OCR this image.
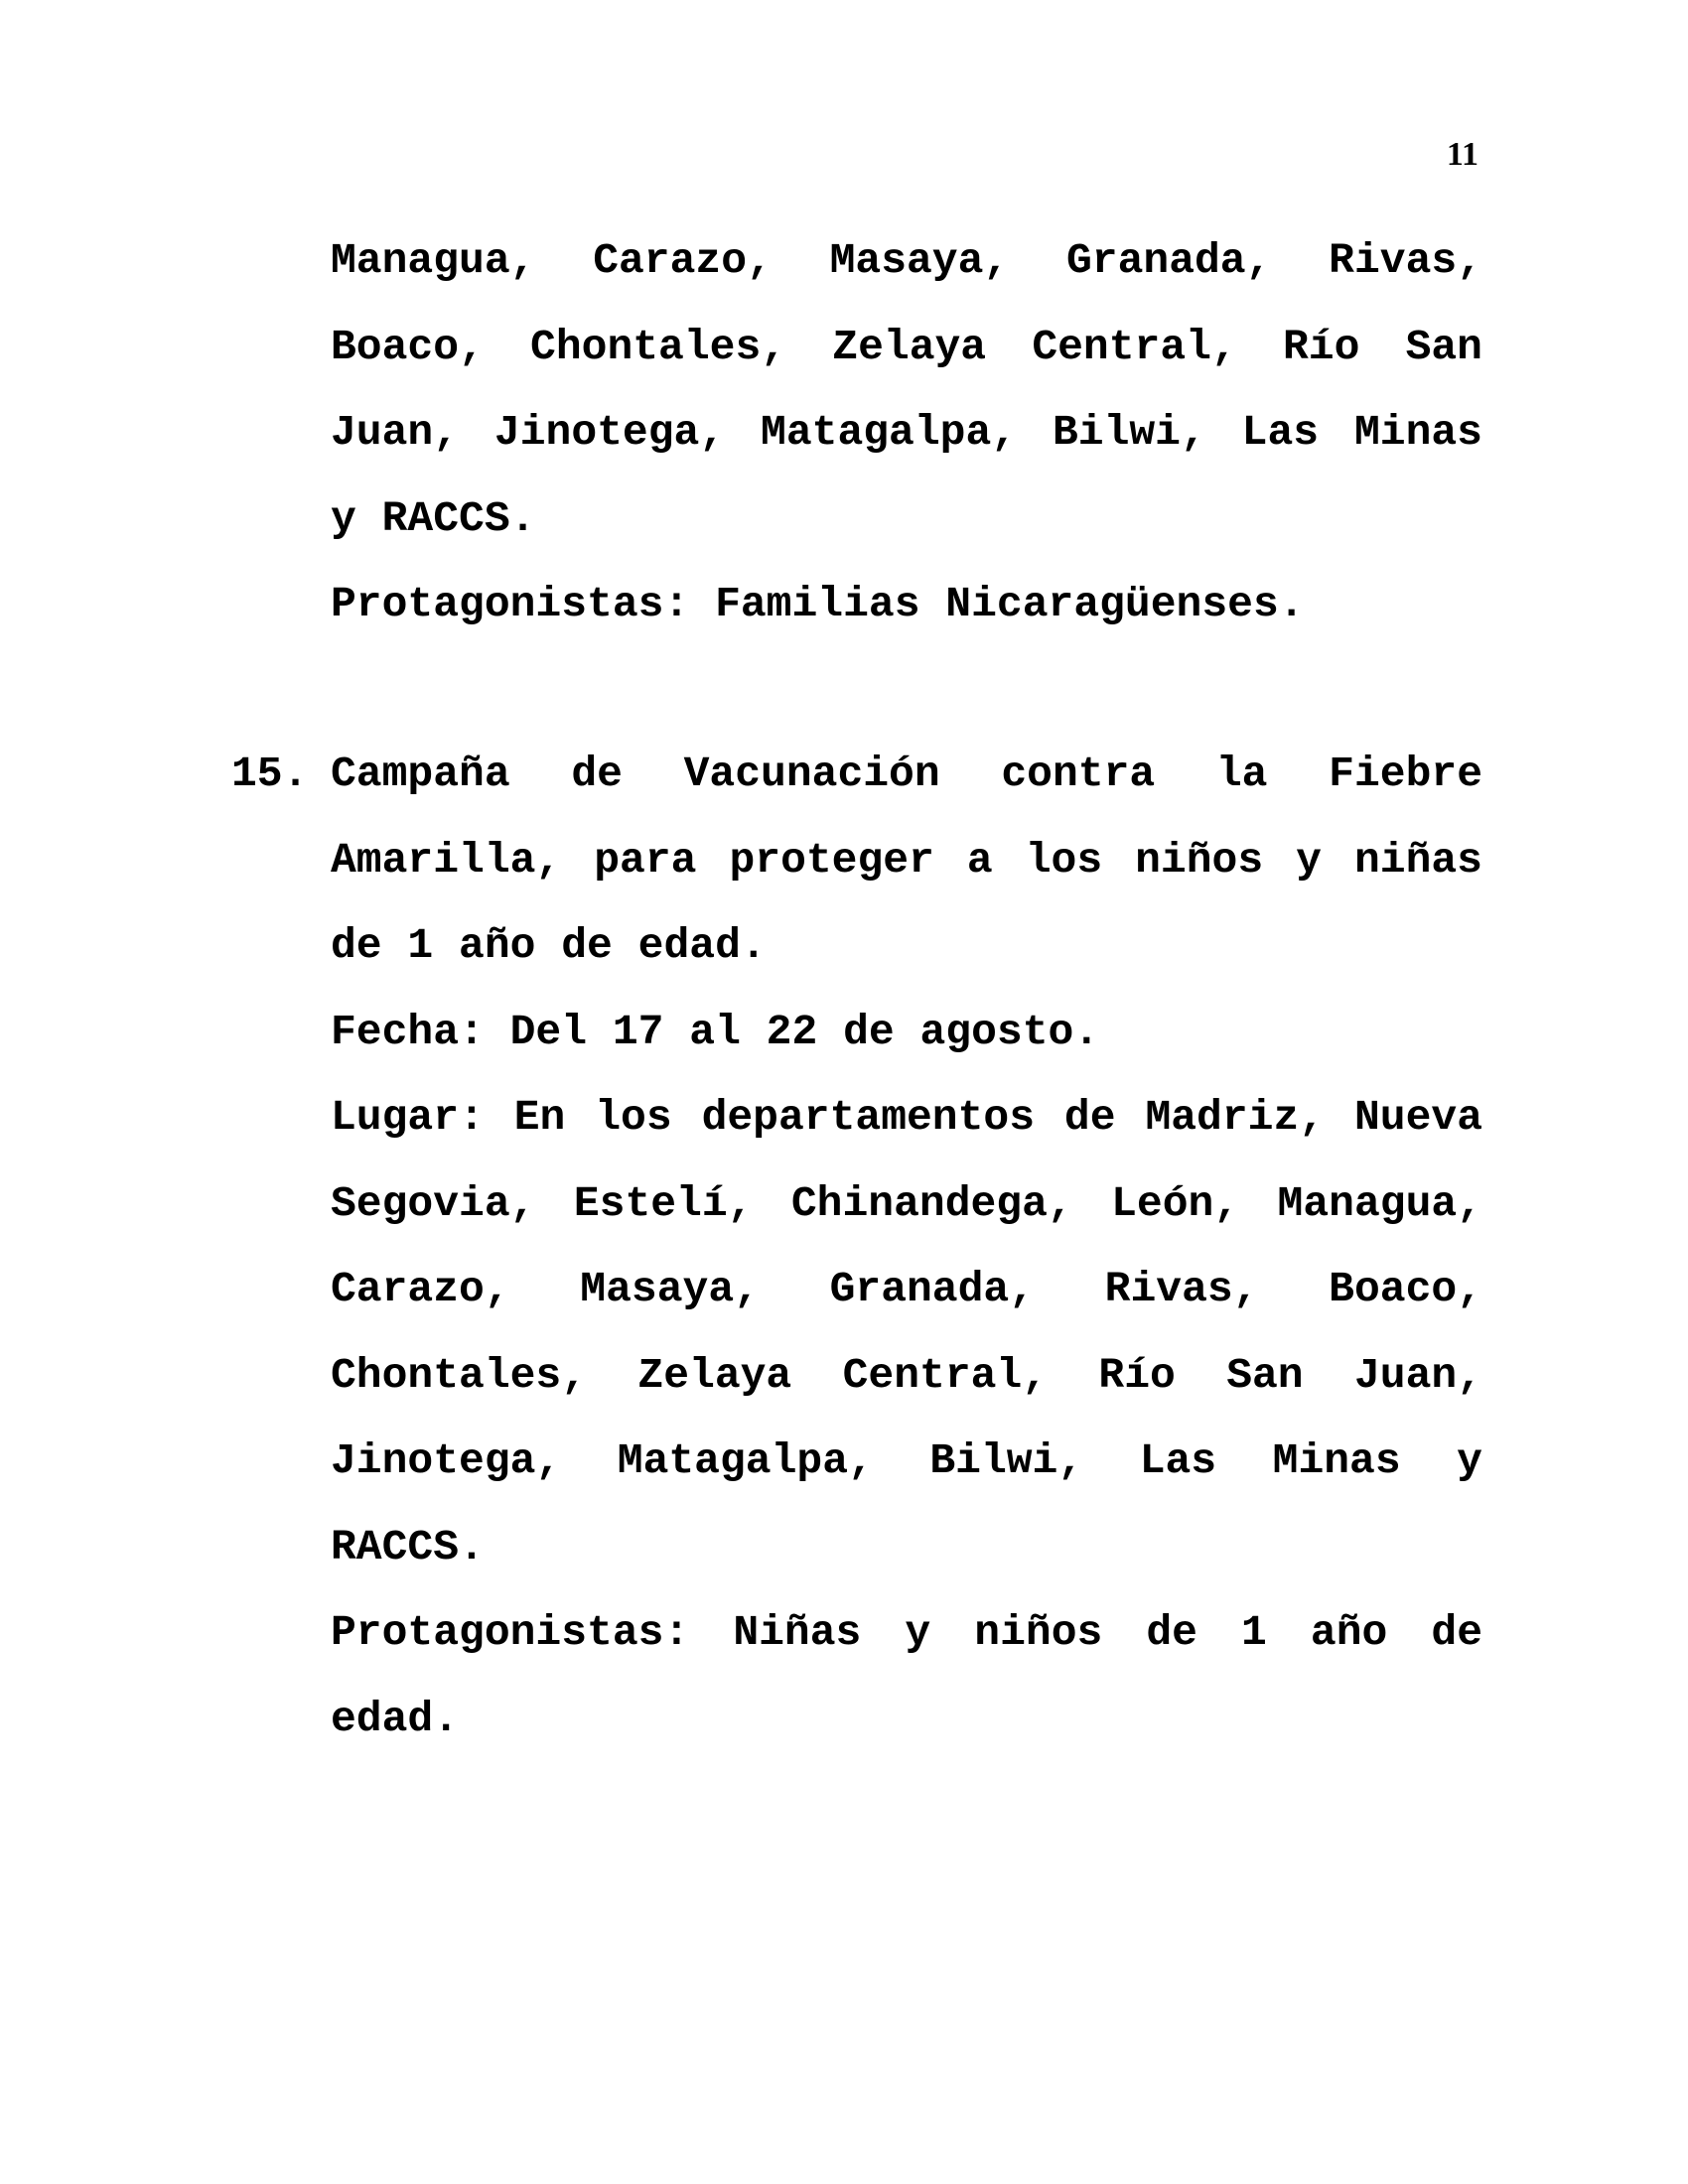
11

Managua, Carazo, Masaya, Granada, Rivas, Boaco, Chontales, Zelaya Central, Río San Juan, Jinotega, Matagalpa, Bilwi, Las Minas y RACCS.

Protagonistas: Familias Nicaragüenses.

15. Campaña de Vacunación contra la Fiebre Amarilla, para proteger a los niños y niñas de 1 año de edad.

Fecha: Del 17 al 22 de agosto.

Lugar: En los departamentos de Madriz, Nueva Segovia, Estelí, Chinandega, León, Managua, Carazo, Masaya, Granada, Rivas, Boaco, Chontales, Zelaya Central, Río San Juan, Jinotega, Matagalpa, Bilwi, Las Minas y RACCS.

Protagonistas: Niñas y niños de 1 año de edad.
